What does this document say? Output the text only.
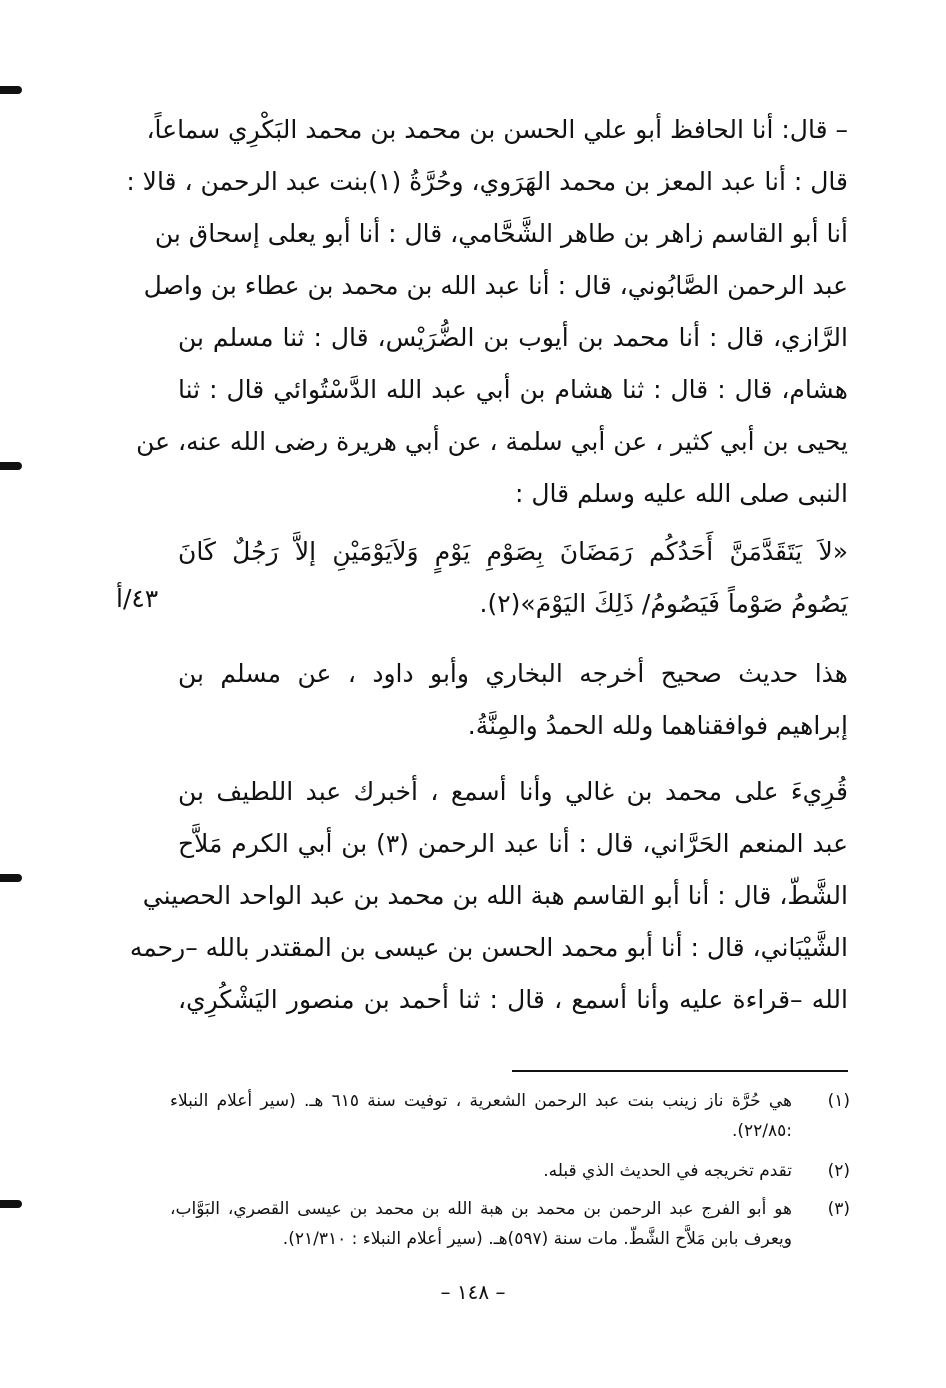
– قال: أنا الحافظ أبو علي الحسن بن محمد بن محمد البَكْرِي سماعاً،
قال : أنا عبد المعز بن محمد الهَرَوي، وحُرَّةُ (١)بنت عبد الرحمن ، قالا :
أنا أبو القاسم زاهر بن طاهر الشَّحَّامي، قال : أنا أبو يعلى إسحاق بن
عبد الرحمن الصَّابُوني، قال : أنا عبد الله بن محمد بن عطاء بن واصل
الرَّازي، قال : أنا محمد بن أيوب بن الضُّرَيْس، قال : ثنا مسلم بن
هشام، قال : قال : ثنا هشام بن أبي عبد الله الدَّسْتُوائي قال : ثنا
يحيى بن أبي كثير ، عن أبي سلمة ، عن أبي هريرة رضى الله عنه، عن
النبى صلى الله عليه وسلم قال :
«لاَ يَتَقَدَّمَنَّ أَحَدُكُم رَمَضَانَ بِصَوْمِ يَوْمٍ وَلاَيَوْمَيْنِ إلاَّ رَجُلٌ كَانَ
يَصُومُ صَوْماً فَيَصُومُ/ ذَلِكَ اليَوْمَ»(٢).
هذا حديث صحيح أخرجه البخاري وأبو داود ، عن مسلم بن
إبراهيم فوافقناهما ولله الحمدُ والمِنَّةُ.
قُرِيءَ على محمد بن غالي وأنا أسمع ، أخبرك عبد اللطيف بن
عبد المنعم الحَرَّاني، قال : أنا عبد الرحمن (٣) بن أبي الكرم مَلاَّح
الشَّطّ، قال : أنا أبو القاسم هبة الله بن محمد بن عبد الواحد الحصيني
الشَّيْبَاني، قال : أنا أبو محمد الحسن بن عيسى بن المقتدر بالله –رحمه
الله –قراءة عليه وأنا أسمع ، قال : ثنا أحمد بن منصور اليَشْكُرِي،
٤٣/أ
(١)
هي حُرَّة ناز زينب بنت عبد الرحمن الشعرية ، توفيت سنة ٦١٥ هـ. (سير أعلام النبلاء :٢٢/٨٥).
(٢)
تقدم تخريجه في الحديث الذي قبله.
(٣)
هو أبو الفرج عبد الرحمن بن محمد بن هبة الله بن محمد بن عيسى القصري، البَوَّاب، ويعرف بابن مَلاَّح الشَّطّ. مات سنة (٥٩٧)هـ. (سير أعلام النبلاء : ٢١/٣١٠).
– ١٤٨ –
